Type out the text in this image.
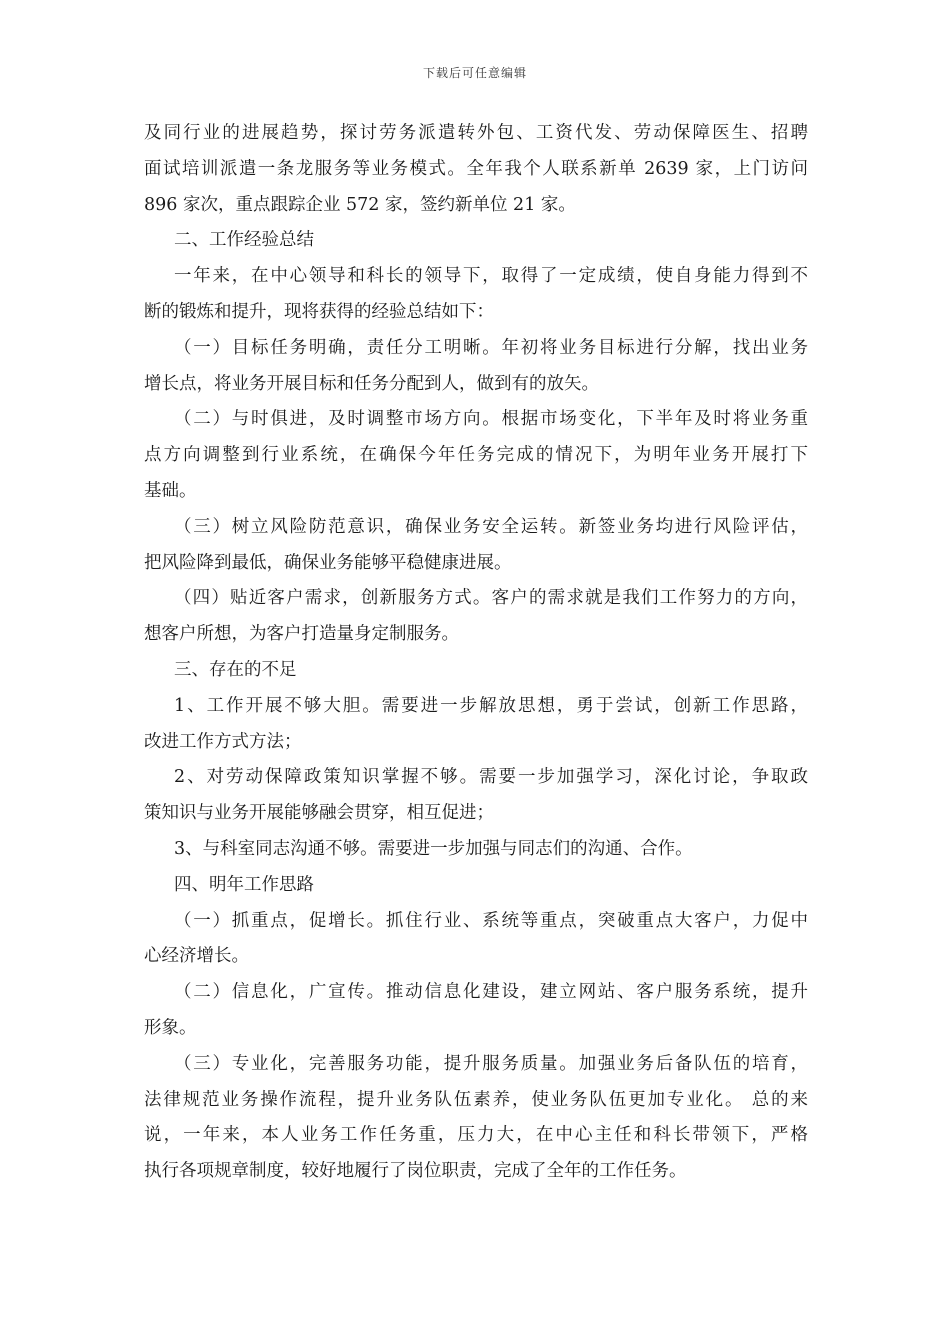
下载后可任意编辑
及同行业的进展趋势，探讨劳务派遣转外包、工资代发、劳动保障医生、招聘
面试培训派遣一条龙服务等业务模式。全年我个人联系新单 2639 家，上门访问
896 家次，重点跟踪企业 572 家，签约新单位 21 家。
二、工作经验总结
一年来，在中心领导和科长的领导下，取得了一定成绩，使自身能力得到不
断的锻炼和提升，现将获得的经验总结如下：
（一）目标任务明确，责任分工明晰。年初将业务目标进行分解，找出业务
增长点，将业务开展目标和任务分配到人，做到有的放矢。
（二）与时俱进，及时调整市场方向。根据市场变化，下半年及时将业务重
点方向调整到行业系统，在确保今年任务完成的情况下，为明年业务开展打下
基础。
（三）树立风险防范意识，确保业务安全运转。新签业务均进行风险评估，
把风险降到最低，确保业务能够平稳健康进展。
（四）贴近客户需求，创新服务方式。客户的需求就是我们工作努力的方向，
想客户所想，为客户打造量身定制服务。
三、存在的不足
1、工作开展不够大胆。需要进一步解放思想，勇于尝试，创新工作思路，
改进工作方式方法；
2、对劳动保障政策知识掌握不够。需要一步加强学习，深化讨论，争取政
策知识与业务开展能够融会贯穿，相互促进；
3、与科室同志沟通不够。需要进一步加强与同志们的沟通、合作。
四、明年工作思路
（一）抓重点，促增长。抓住行业、系统等重点，突破重点大客户，力促中
心经济增长。
（二）信息化，广宣传。推动信息化建设，建立网站、客户服务系统，提升
形象。
（三）专业化，完善服务功能，提升服务质量。加强业务后备队伍的培育，
法律规范业务操作流程，提升业务队伍素养，使业务队伍更加专业化。 总的来
说，一年来，本人业务工作任务重，压力大，在中心主任和科长带领下，严格
执行各项规章制度，较好地履行了岗位职责，完成了全年的工作任务。
